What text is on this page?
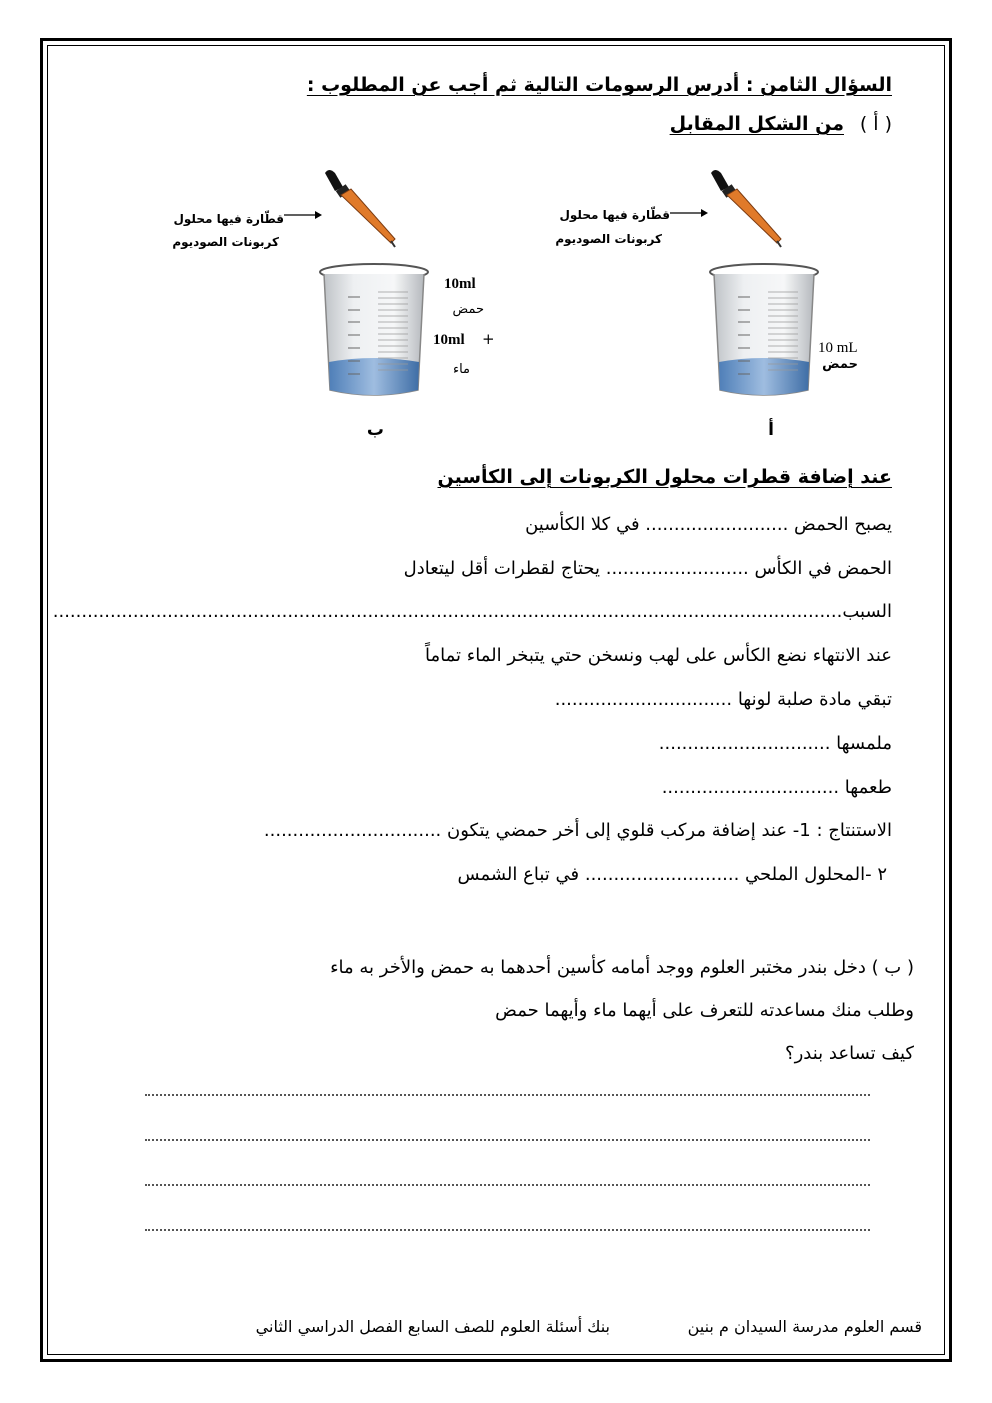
السؤال الثامن : أدرس الرسومات التالية ثم أجب عن المطلوب :
( أ )
من الشكل المقابل
قطّارة فيها محلول
كربونات الصوديوم
10ml
حمض
10ml +
ماء
ب
قطّارة فيها محلول
كربونات الصوديوم
10 mL
حمض
أ
عند إضافة قطرات محلول الكربونات إلى الكأسين
يصبح الحمض ......................... في كلا الكأسين
الحمض في الكأس ......................... يحتاج لقطرات أقل ليتعادل
السبب..........................................................................................................................................
عند الانتهاء نضع الكأس على لهب ونسخن حتي يتبخر الماء تماماً
تبقي مادة صلبة لونها ...............................
ملمسها ..............................
طعمها ...............................
الاستنتاج : 1- عند إضافة مركب قلوي إلى أخر حمضي يتكون ...............................
٢ -المحلول الملحي ........................... في تباع الشمس
( ب ) دخل بندر مختبر العلوم ووجد أمامه كأسين أحدهما به حمض والأخر به ماء
وطلب منك مساعدته للتعرف على أيهما ماء وأيهما حمض
كيف تساعد بندر؟
قسم العلوم مدرسة السيدان م بنين
بنك أسئلة العلوم للصف السابع الفصل الدراسي الثاني
